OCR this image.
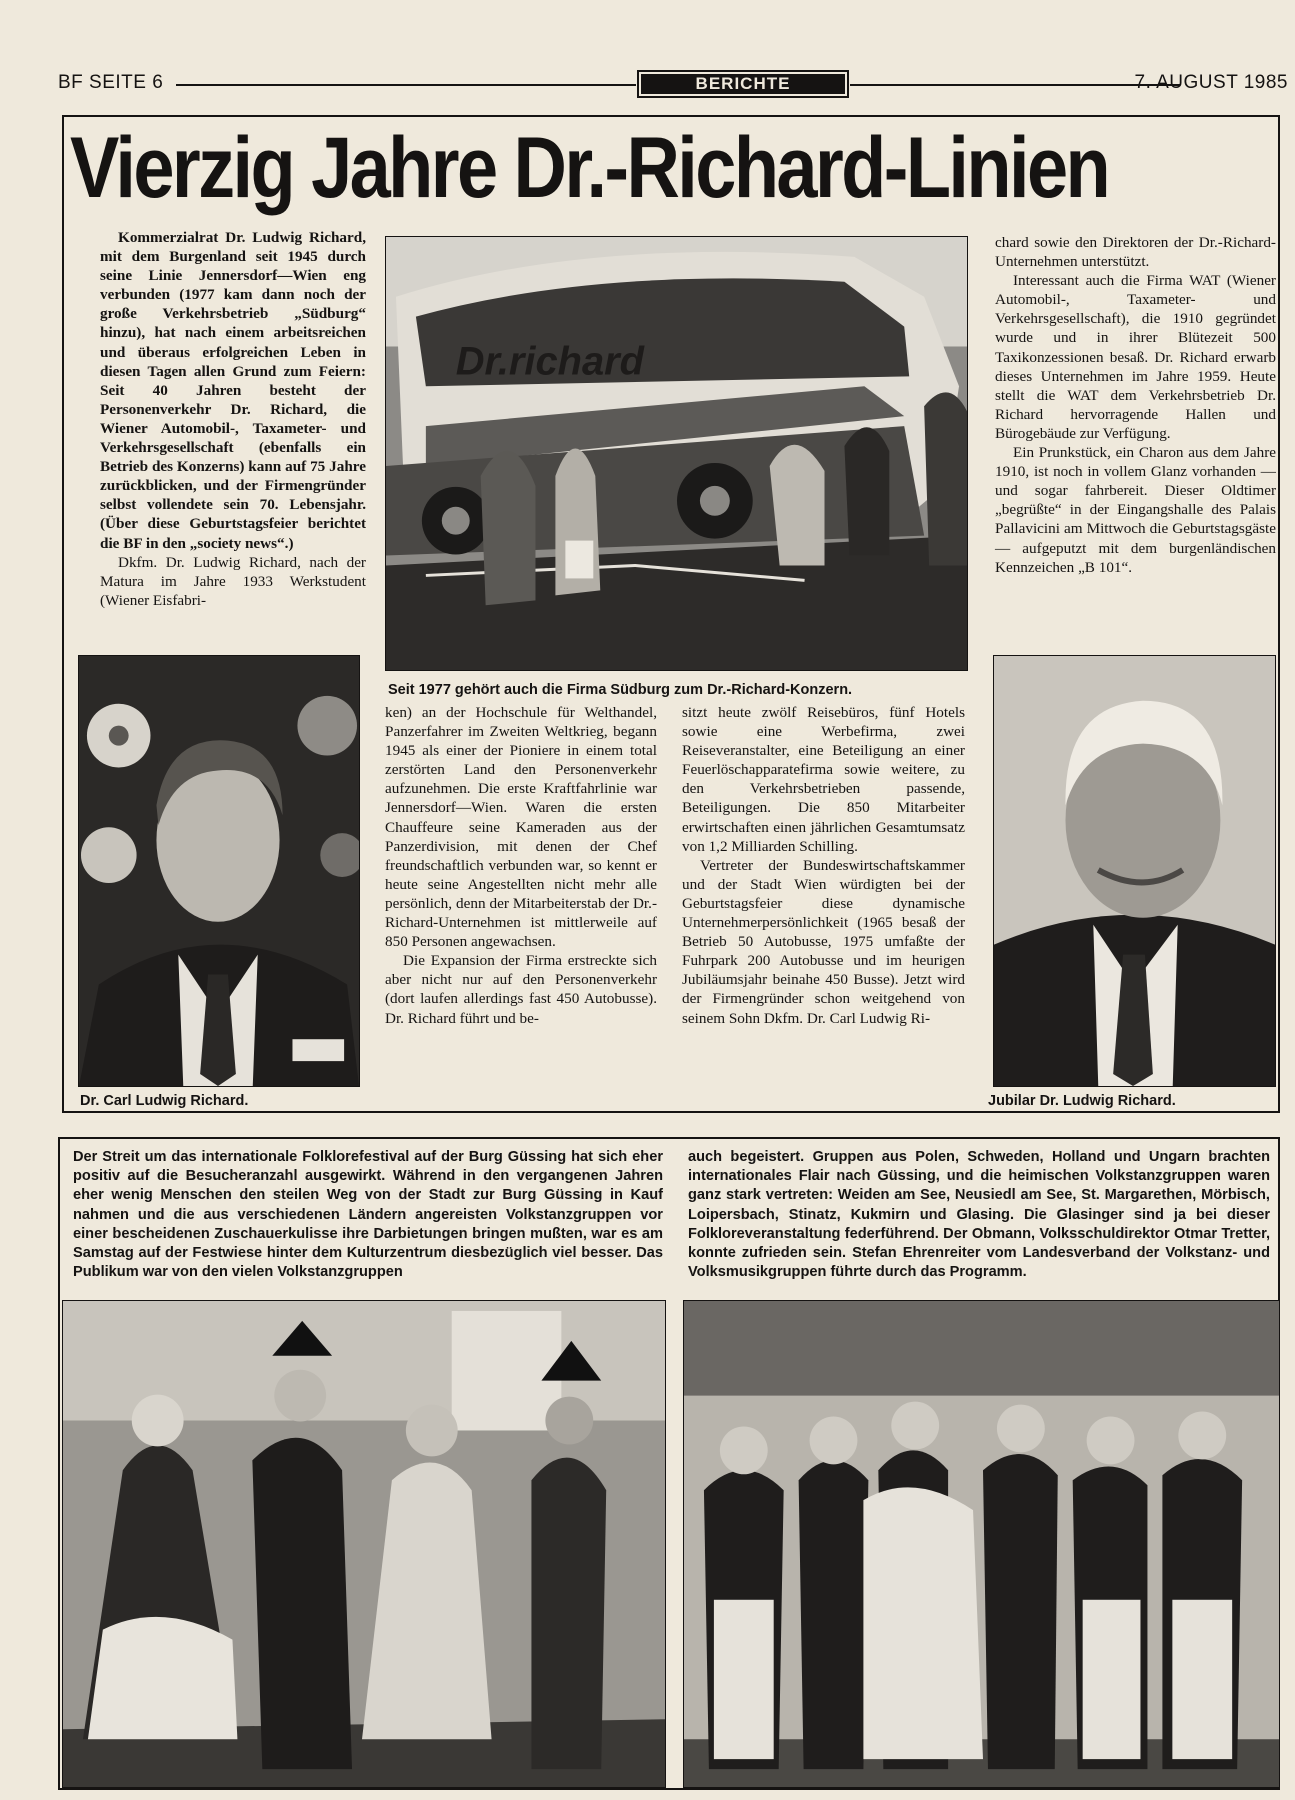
BF SEITE 6	BERICHTE	7. AUGUST 1985
Vierzig Jahre Dr.-Richard-Linien

Kommerzialrat Dr. Ludwig Richard, mit dem Burgenland seit 1945 durch seine Linie Jennersdorf—Wien eng verbunden (1977 kam dann noch der große Verkehrsbetrieb „Südburg“ hinzu), hat nach einem arbeitsreichen und überaus erfolgreichen Leben in diesen Tagen allen Grund zum Feiern: Seit 40 Jahren besteht der Personenverkehr Dr. Richard, die Wiener Automobil-, Taxameter- und Verkehrsgesellschaft (ebenfalls ein Betrieb des Konzerns) kann auf 75 Jahre zurückblicken, und der Firmengründer selbst vollendete sein 70. Lebensjahr. (Über diese Geburtstagsfeier berichtet die BF in den „society news“.)

Dkfm. Dr. Ludwig Richard, nach der Matura im Jahre 1933 Werkstudent (Wiener Eisfabri-

Dr.richard
Seit 1977 gehört auch die Firma Südburg zum Dr.-Richard-Konzern.

chard sowie den Direktoren der Dr.-Richard-Unternehmen unterstützt.

Interessant auch die Firma WAT (Wiener Automobil-, Taxameter- und Verkehrsgesellschaft), die 1910 gegründet wurde und in ihrer Blütezeit 500 Taxikonzessionen besaß. Dr. Richard erwarb dieses Unternehmen im Jahre 1959. Heute stellt die WAT dem Verkehrsbetrieb Dr. Richard hervorragende Hallen und Bürogebäude zur Verfügung.

Ein Prunkstück, ein Charon aus dem Jahre 1910, ist noch in vollem Glanz vorhanden — und sogar fahrbereit. Dieser Oldtimer „begrüßte“ in der Eingangshalle des Palais Pallavicini am Mittwoch die Geburtstagsgäste — aufgeputzt mit dem burgenländischen Kennzeichen „B 101“.

Dr. Carl Ludwig Richard.

ken) an der Hochschule für Welthandel, Panzerfahrer im Zweiten Weltkrieg, begann 1945 als einer der Pioniere in einem total zerstörten Land den Personenverkehr aufzunehmen. Die erste Kraftfahrlinie war Jennersdorf—Wien. Waren die ersten Chauffeure seine Kameraden aus der Panzerdivision, mit denen der Chef freundschaftlich verbunden war, so kennt er heute seine Angestellten nicht mehr alle persönlich, denn der Mitarbeiterstab der Dr.-Richard-Unternehmen ist mittlerweile auf 850 Personen angewachsen.

Die Expansion der Firma erstreckte sich aber nicht nur auf den Personenverkehr (dort laufen allerdings fast 450 Autobusse). Dr. Richard führt und be-

sitzt heute zwölf Reisebüros, fünf Hotels sowie eine Werbefirma, zwei Reiseveranstalter, eine Beteiligung an einer Feuerlöschapparatefirma sowie weitere, zu den Verkehrsbetrieben passende, Beteiligungen. Die 850 Mitarbeiter erwirtschaften einen jährlichen Gesamtumsatz von 1,2 Milliarden Schilling.

Vertreter der Bundeswirtschaftskammer und der Stadt Wien würdigten bei der Geburtstagsfeier diese dynamische Unternehmerpersönlichkeit (1965 besaß der Betrieb 50 Autobusse, 1975 umfaßte der Fuhrpark 200 Autobusse und im heurigen Jubiläumsjahr beinahe 450 Busse). Jetzt wird der Firmengründer schon weitgehend von seinem Sohn Dkfm. Dr. Carl Ludwig Ri-

Jubilar Dr. Ludwig Richard.
Der Streit um das internationale Folklorefestival auf der Burg Güssing hat sich eher positiv auf die Besucheranzahl ausgewirkt. Während in den vergangenen Jahren eher wenig Menschen den steilen Weg von der Stadt zur Burg Güssing in Kauf nahmen und die aus verschiedenen Ländern angereisten Volkstanzgruppen vor einer bescheidenen Zuschauerkulisse ihre Darbietungen bringen mußten, war es am Samstag auf der Festwiese hinter dem Kulturzentrum diesbezüglich viel besser. Das Publikum war von den vielen Volkstanzgruppen
auch begeistert. Gruppen aus Polen, Schweden, Holland und Ungarn brachten internationales Flair nach Güssing, und die heimischen Volkstanzgruppen waren ganz stark vertreten: Weiden am See, Neusiedl am See, St. Margarethen, Mörbisch, Loipersbach, Stinatz, Kukmirn und Glasing. Die Glasinger sind ja bei dieser Folkloreveranstaltung federführend. Der Obmann, Volksschuldirektor Otmar Tretter, konnte zufrieden sein. Stefan Ehrenreiter vom Landesverband der Volkstanz- und Volksmusikgruppen führte durch das Programm.
